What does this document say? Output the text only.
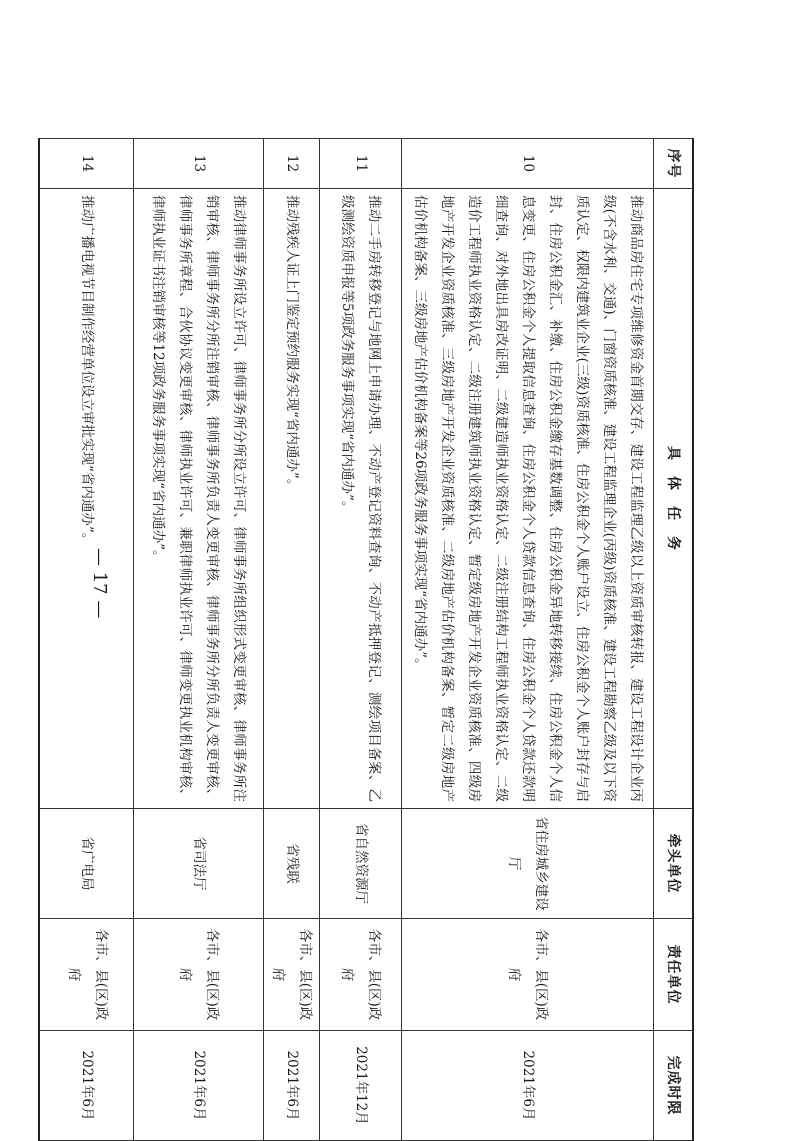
序号	具　体　任　务	牵头单位	责任单位	完成时限
10	推动商品房住宅专项维修资金首期交存、建设工程监理乙级以上资质审核转报、建设工程设计企业丙级(不含水利、交通)、门窗资质核准、建设工程监理企业(丙级)资质核准、建设工程勘察乙级及以下资质认定、权限内建筑业企业(三级)资质核准、住房公积金个人账户设立、住房公积金个人账户封存与启封、住房公积金汇、补缴、住房公积金缴存基数调整、住房公积金异地转移接续、住房公积金个人信息变更、住房公积金个人提取信息查询、住房公积金个人贷款信息查询、住房公积金个人贷款还款明细查询、对外地出具房改证明、二级建造师执业资格认定、二级注册结构工程师执业资格认定、二级造价工程师执业资格认定、二级注册建筑师执业资格认定、暂定级房地产开发企业资质核准、四级房地产开发企业资质核准、三级房地产开发企业资质核准、二级房地产估价机构备案、暂定二级房地产估价机构备案、三级房地产估价机构备案等26项政务服务事项实现“省内通办”。	省住房城乡建设厅	各市、县(区)政府	2021年6月
11	推动二手房转移登记与地网上申请办理、不动产登记资料查询、不动产抵押登记、测绘项目备案、乙级测绘资质申报等5项政务服务事项实现“省内通办”。	省自然资源厅	各市、县(区)政府	2021年12月
12	推动残疾人证上门鉴定预约服务实现“省内通办”。	省残联	各市、县(区)政府	2021年6月
13	推动律师事务所设立许可、律师事务所分所设立许可、律师事务所组织形式变更审核、律师事务所注销审核、律师事务所分所注销审核、律师事务所负责人变更审核、律师事务所分所负责人变更审核、律师事务所章程、合伙协议变更审核、律师执业许可、兼职律师执业许可、律师变更执业机构审核、律师执业证书注销审核等12项政务服务事项实现“省内通办”。	省司法厅	各市、县(区)政府	2021年6月
14	推动广播电视节目制作经营单位设立审批实现“省内通办”。	省广电局	各市、县(区)政府	2021年6月
— 17 —
